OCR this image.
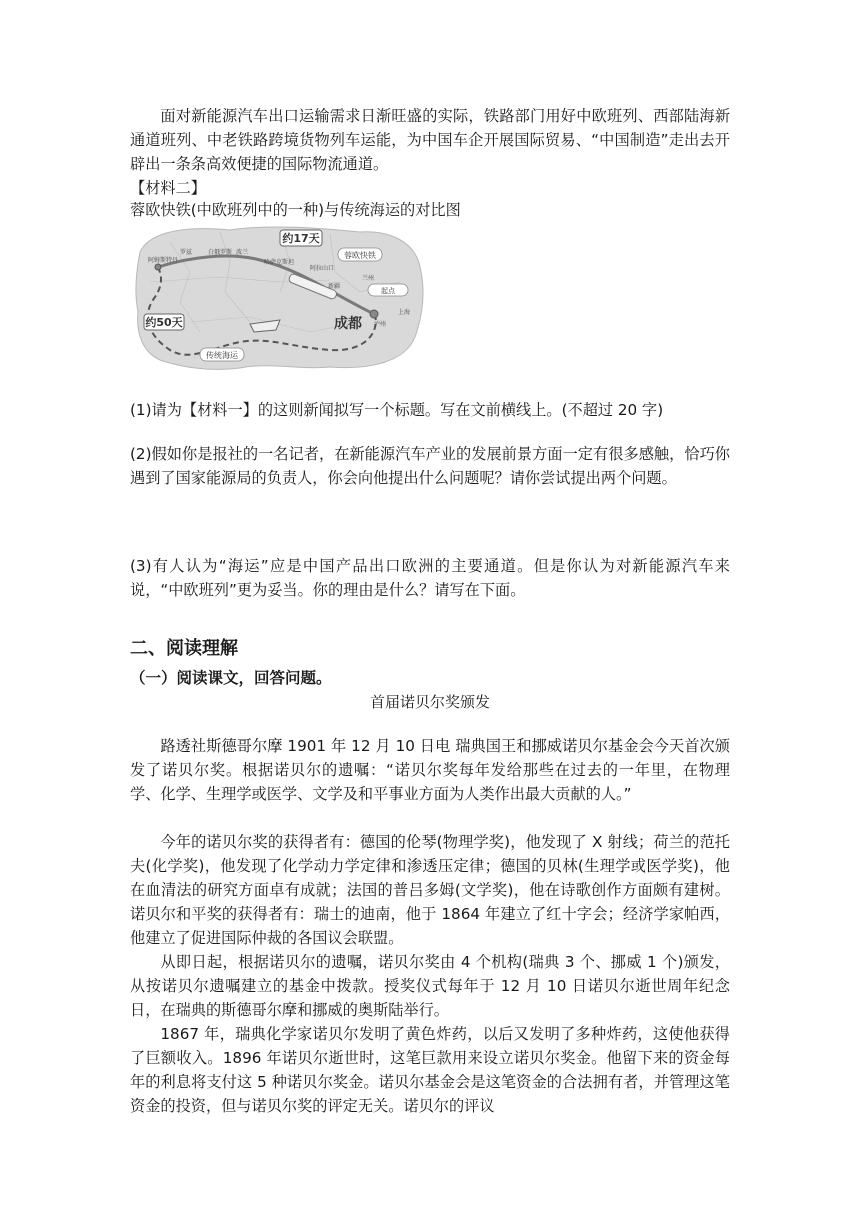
面对新能源汽车出口运输需求日渐旺盛的实际，铁路部门用好中欧班列、西部陆海新通道班列、中老铁路跨境货物列车运能，为中国车企开展国际贸易、“中国制造”走出去开辟出一条条高效便捷的国际物流通道。

【材料二】
蓉欧快铁(中欧班列中的一种)与传统海运的对比图
约17天
蓉欧快铁
约50天
传统海运
成都
起点
上海
兰州
泸州
阿姆斯特丹
罗兹	白俄罗斯 波兰
哈萨克斯坦
阿拉山口
新疆

(1)请为【材料一】的这则新闻拟写一个标题。写在文前横线上。(不超过 20 字)

(2)假如你是报社的一名记者，在新能源汽车产业的发展前景方面一定有很多感触，恰巧你遇到了国家能源局的负责人，你会向他提出什么问题呢？请你尝试提出两个问题。

(3)有人认为“海运”应是中国产品出口欧洲的主要通道。但是你认为对新能源汽车来说，“中欧班列”更为妥当。你的理由是什么？请写在下面。

二、阅读理解
（一）阅读课文，回答问题。
首届诺贝尔奖颁发

路透社斯德哥尔摩 1901 年 12 月 10 日电 瑞典国王和挪威诺贝尔基金会今天首次颁发了诺贝尔奖。根据诺贝尔的遗嘱：“诺贝尔奖每年发给那些在过去的一年里，在物理学、化学、生理学或医学、文学及和平事业方面为人类作出最大贡献的人。”

今年的诺贝尔奖的获得者有：德国的伦琴(物理学奖)，他发现了 X 射线；荷兰的范托夫(化学奖)，他发现了化学动力学定律和渗透压定律；德国的贝林(生理学或医学奖)，他在血清法的研究方面卓有成就；法国的普吕多姆(文学奖)，他在诗歌创作方面颇有建树。诺贝尔和平奖的获得者有：瑞士的迪南，他于 1864 年建立了红十字会；经济学家帕西，他建立了促进国际仲裁的各国议会联盟。

从即日起，根据诺贝尔的遗嘱，诺贝尔奖由 4 个机构(瑞典 3 个、挪威 1 个)颁发，从按诺贝尔遗嘱建立的基金中拨款。授奖仪式每年于 12 月 10 日诺贝尔逝世周年纪念日，在瑞典的斯德哥尔摩和挪威的奥斯陆举行。

1867 年，瑞典化学家诺贝尔发明了黄色炸药，以后又发明了多种炸药，这使他获得了巨额收入。1896 年诺贝尔逝世时，这笔巨款用来设立诺贝尔奖金。他留下来的资金每年的利息将支付这 5 种诺贝尔奖金。诺贝尔基金会是这笔资金的合法拥有者，并管理这笔资金的投资，但与诺贝尔奖的评定无关。诺贝尔的评议
